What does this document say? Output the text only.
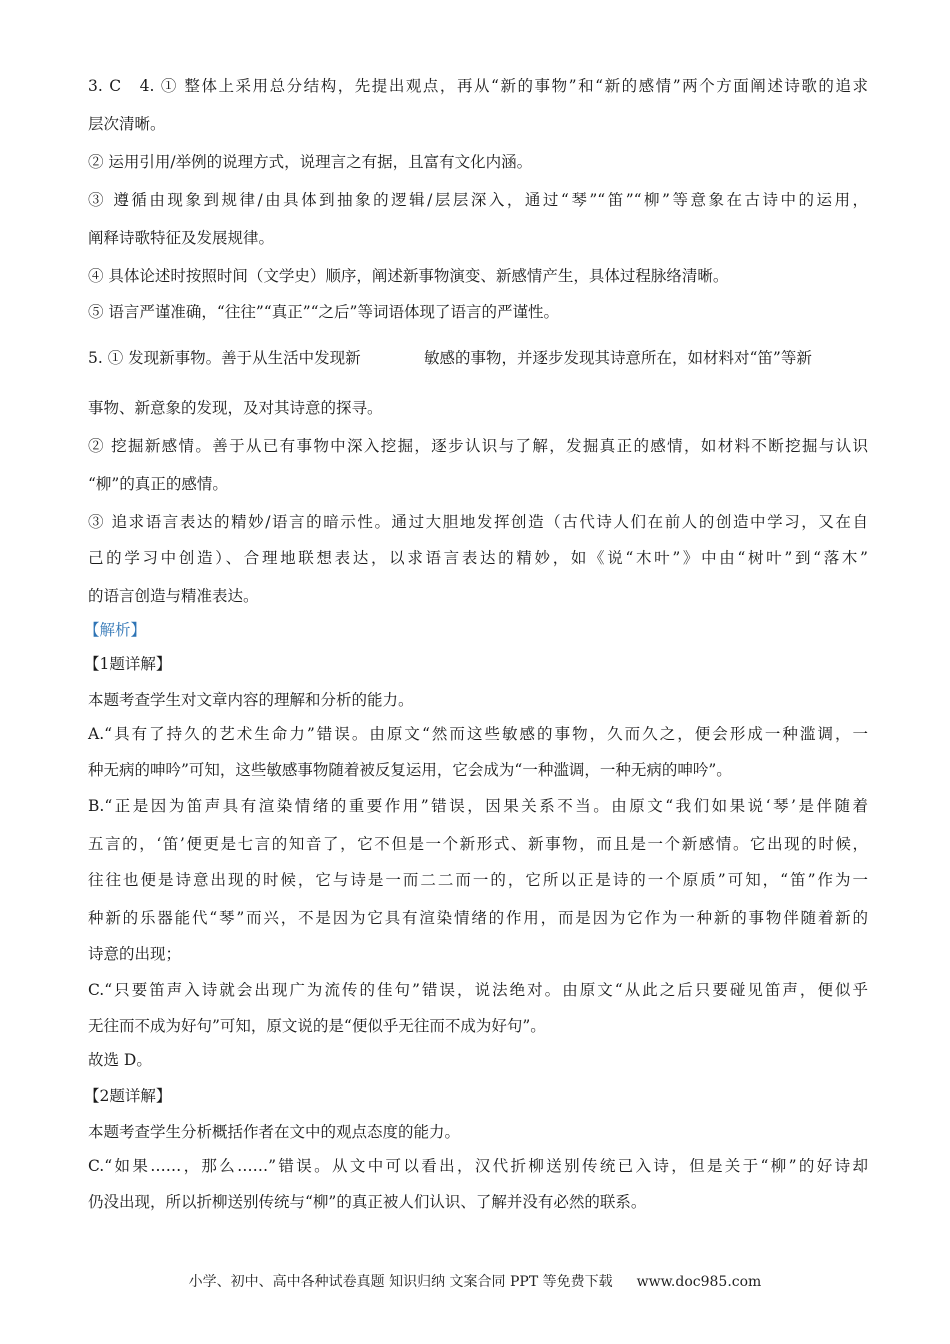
3. C　4. ① 整体上采用总分结构，先提出观点，再从“新的事物”和“新的感情”两个方面阐述诗歌的追求
层次清晰。
② 运用引用/举例的说理方式，说理言之有据，且富有文化内涵。
③ 遵循由现象到规律/由具体到抽象的逻辑/层层深入，通过“琴”“笛”“柳”等意象在古诗中的运用，
阐释诗歌特征及发展规律。
④ 具体论述时按照时间（文学史）顺序，阐述新事物演变、新感情产生，具体过程脉络清晰。
⑤ 语言严谨准确，“往往”“真正”“之后”等词语体现了语言的严谨性。
5. ① 发现新事物。善于从生活中发现新	敏感的事物，并逐步发现其诗意所在，如材料对“笛”等新
事物、新意象的发现，及对其诗意的探寻。
② 挖掘新感情。善于从已有事物中深入挖掘，逐步认识与了解，发掘真正的感情，如材料不断挖掘与认识
“柳”的真正的感情。
③ 追求语言表达的精妙/语言的暗示性。通过大胆地发挥创造（古代诗人们在前人的创造中学习，又在自
己的学习中创造）、合理地联想表达，以求语言表达的精妙，如《说“木叶”》中由“树叶”到“落木”
的语言创造与精准表达。
【解析】
【1题详解】
本题考查学生对文章内容的理解和分析的能力。
A.“具有了持久的艺术生命力”错误。由原文“然而这些敏感的事物，久而久之，便会形成一种滥调，一
种无病的呻吟”可知，这些敏感事物随着被反复运用，它会成为“一种滥调，一种无病的呻吟”。
B.“正是因为笛声具有渲染情绪的重要作用”错误，因果关系不当。由原文“我们如果说‘琴’是伴随着
五言的，‘笛’便更是七言的知音了，它不但是一个新形式、新事物，而且是一个新感情。它出现的时候，
往往也便是诗意出现的时候，它与诗是一而二二而一的，它所以正是诗的一个原质”可知，“笛”作为一
种新的乐器能代“琴”而兴，不是因为它具有渲染情绪的作用，而是因为它作为一种新的事物伴随着新的
诗意的出现；
C.“只要笛声入诗就会出现广为流传的佳句”错误，说法绝对。由原文“从此之后只要碰见笛声，便似乎
无往而不成为好句”可知，原文说的是“便似乎无往而不成为好句”。
故选 D。
【2题详解】
本题考查学生分析概括作者在文中的观点态度的能力。
C.“如果……，那么……”错误。从文中可以看出，汉代折柳送别传统已入诗，但是关于“柳”的好诗却
仍没出现，所以折柳送别传统与“柳”的真正被人们认识、了解并没有必然的联系。
小学、初中、高中各种试卷真题 知识归纳 文案合同 PPT 等免费下载 www.doc985.com
